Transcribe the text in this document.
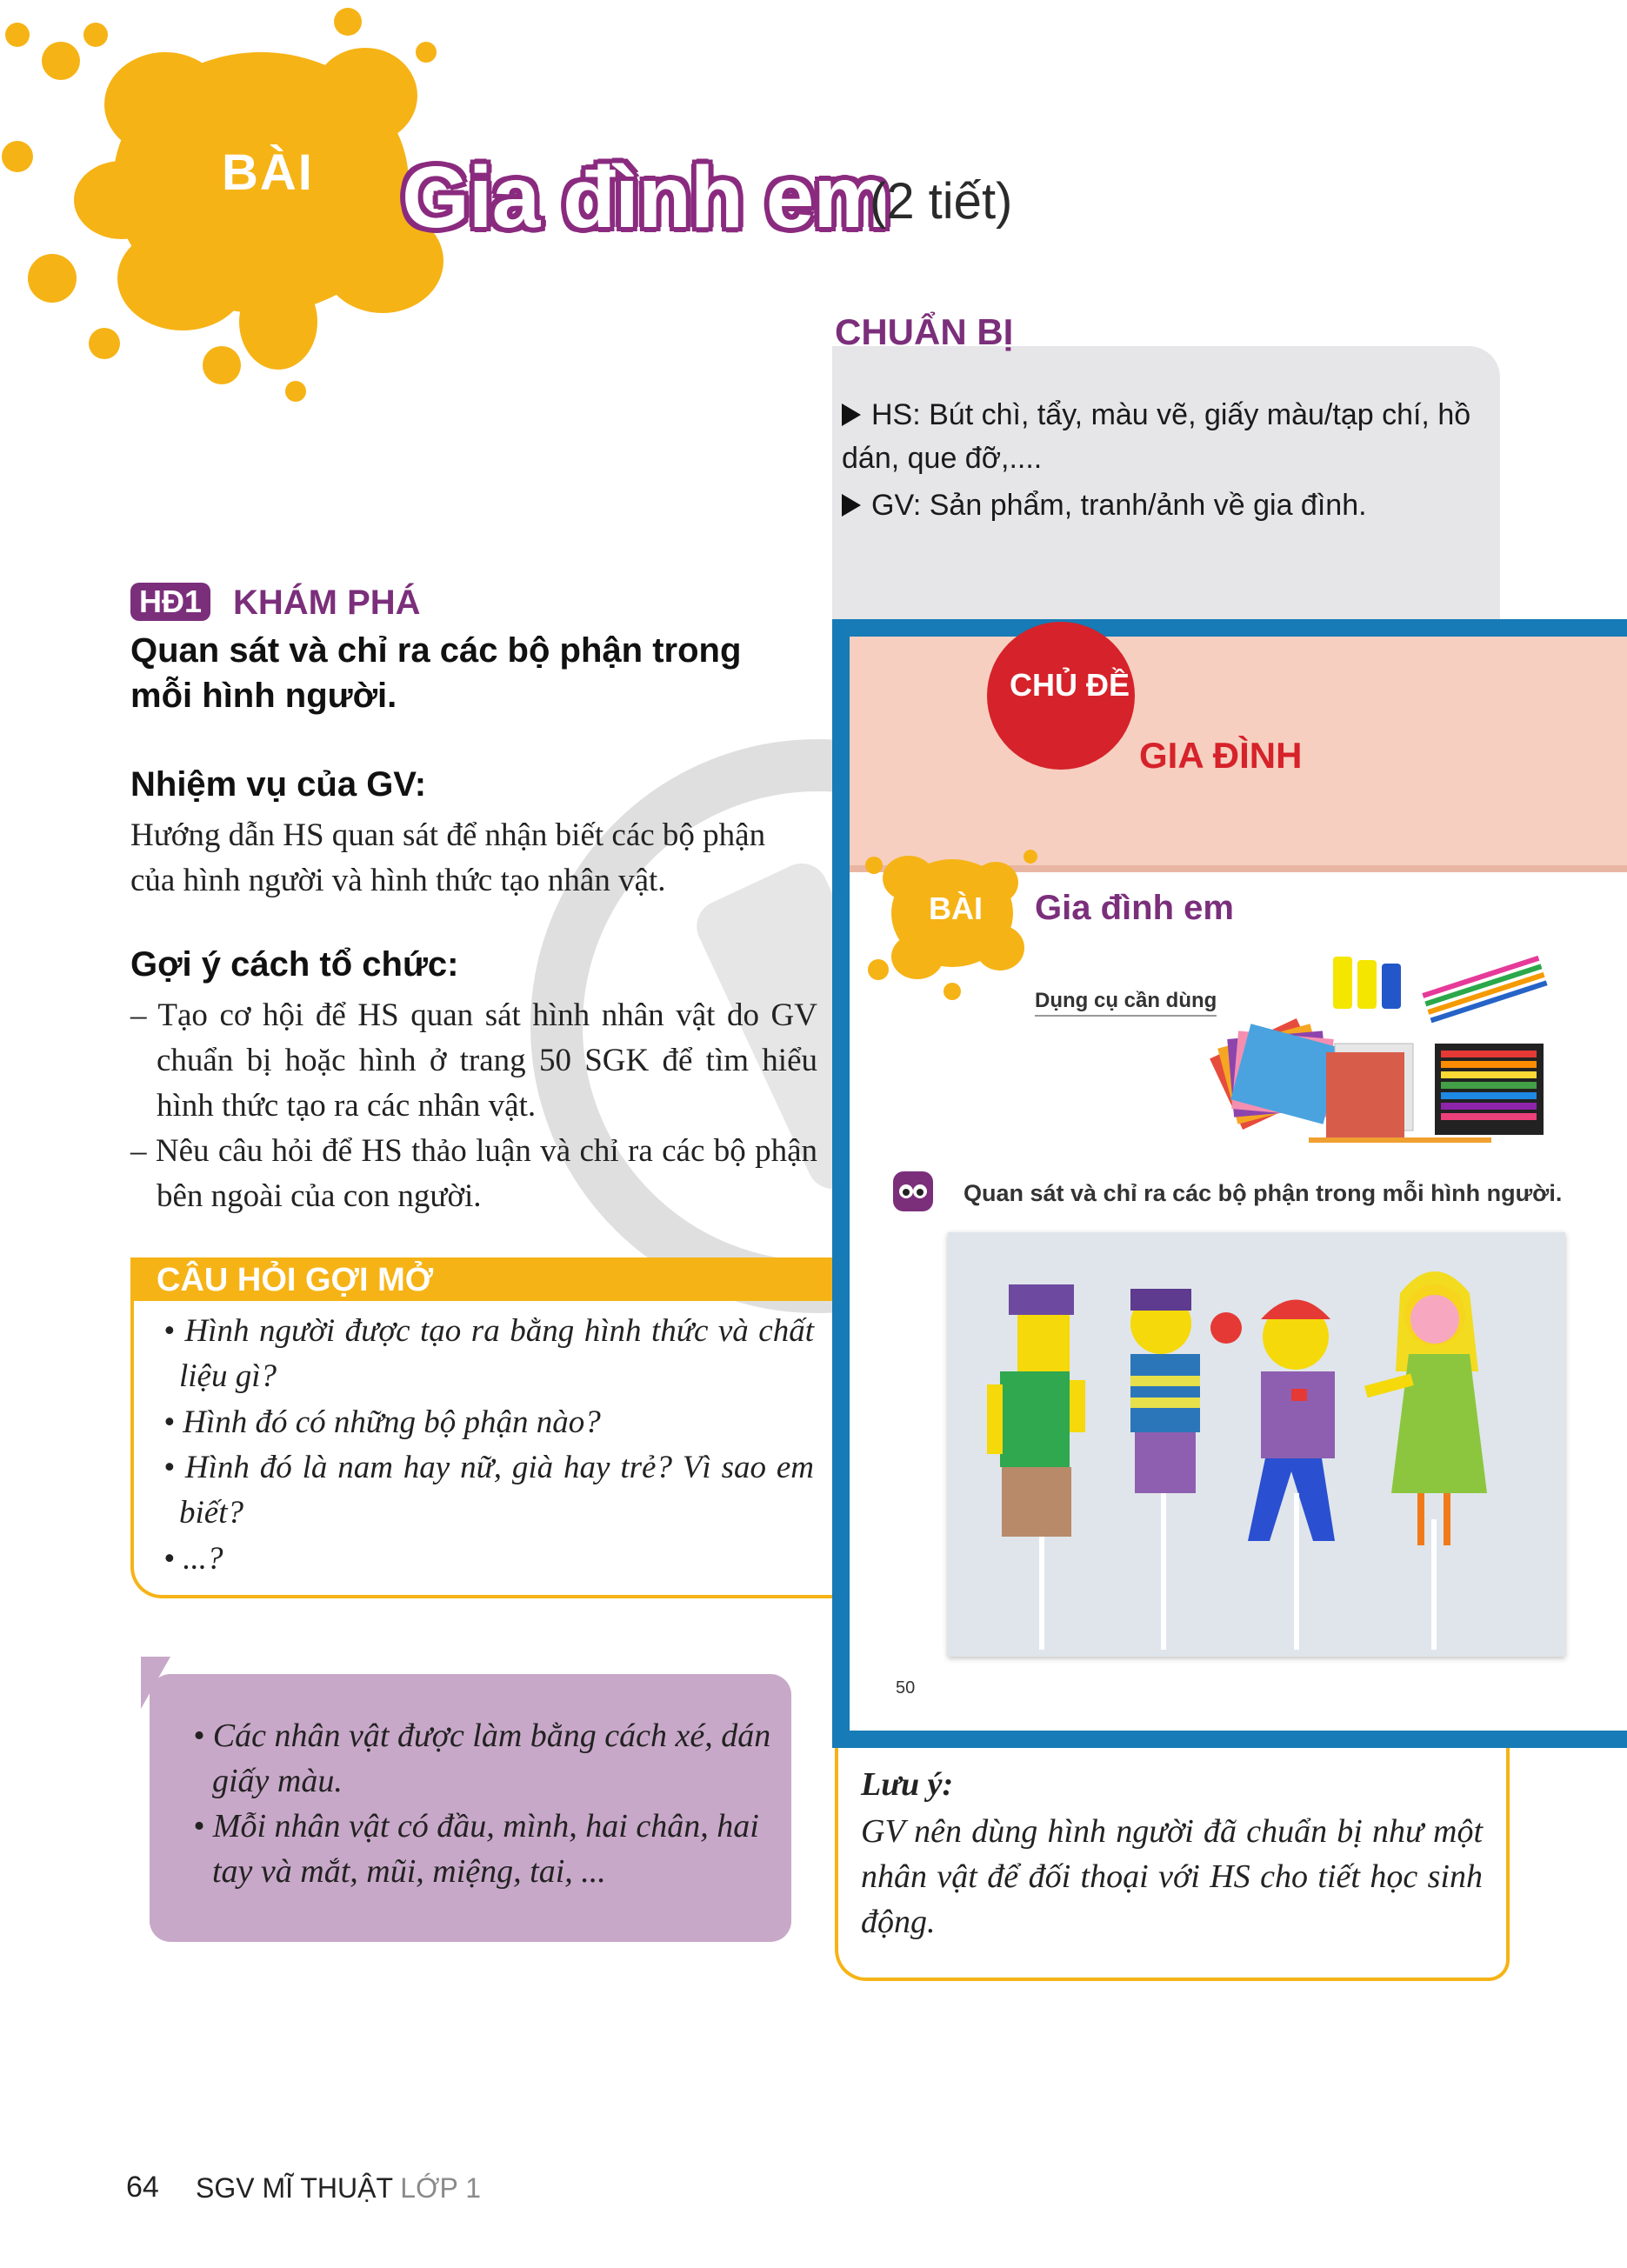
BÀI Gia đình em
(2 tiết)
CHUẨN BỊ
HS: Bút chì, tẩy, màu vẽ, giấy màu/tạp chí, hồ dán, que đỡ,....
GV: Sản phẩm, tranh/ảnh về gia đình.
HĐ1 KHÁM PHÁ
Quan sát và chỉ ra các bộ phận trong mỗi hình người.
Nhiệm vụ của GV:
Hướng dẫn HS quan sát để nhận biết các bộ phận của hình người và hình thức tạo nhân vật.
Gợi ý cách tổ chức:
– Tạo cơ hội để HS quan sát hình nhân vật do GV chuẩn bị hoặc hình ở trang 50 SGK để tìm hiểu hình thức tạo ra các nhân vật.
– Nêu câu hỏi để HS thảo luận và chỉ ra các bộ phận bên ngoài của con người.
CÂU HỎI GỢI MỞ
• Hình người được tạo ra bằng hình thức và chất liệu gì?
• Hình đó có những bộ phận nào?
• Hình đó là nam hay nữ, già hay trẻ? Vì sao em biết?
• ...?
• Các nhân vật được làm bằng cách xé, dán giấy màu.
• Mỗi nhân vật có đầu, mình, hai chân, hai tay và mắt, mũi, miệng, tai, ...
CHỦ ĐỀ
GIA ĐÌNH
BÀI Gia đình em
Dụng cụ cần dùng
Quan sát và chỉ ra các bộ phận trong mỗi hình người.
50
Lưu ý:
GV nên dùng hình người đã chuẩn bị như một nhân vật để đối thoại với HS cho tiết học sinh động.
64 SGV MĨ THUẬT LỚP 1
